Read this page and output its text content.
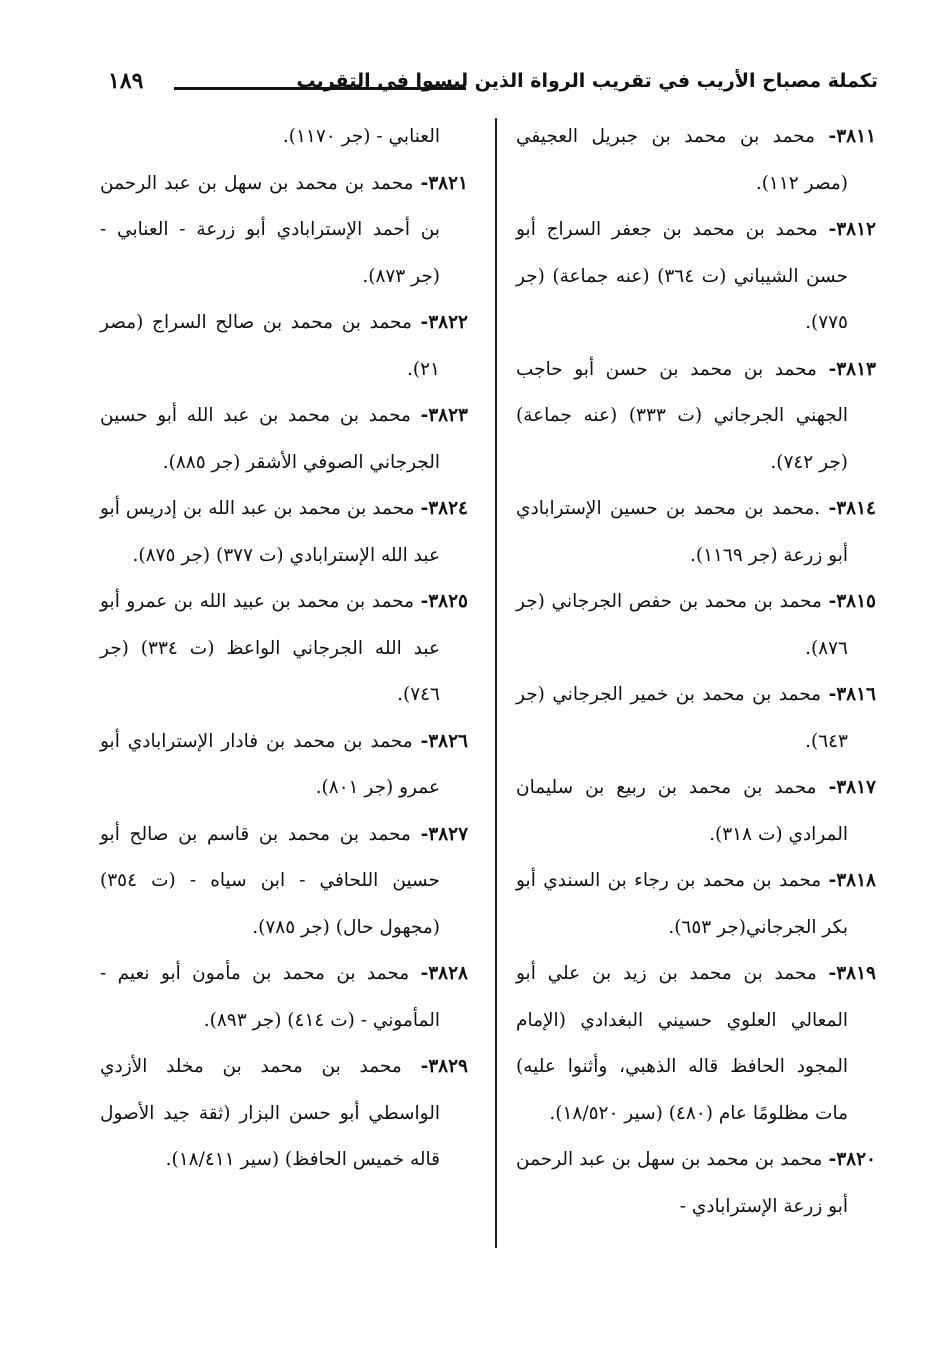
تكملة مصباح الأريب في تقريب الرواة الذين ليسوا في التقريب
١٨٩

٣٨١١- محمد بن محمد بن جبريل العجيفي (مصر ١١٢).

٣٨١٢- محمد بن محمد بن جعفر السراج أبو حسن الشيباني (ت ٣٦٤) (عنه جماعة) (جر ٧٧٥).

٣٨١٣- محمد بن محمد بن حسن أبو حاجب الجهني الجرجاني (ت ٣٣٣) (عنه جماعة) (جر ٧٤٢).

٣٨١٤- .محمد بن محمد بن حسين الإسترابادي أبو زرعة (جر ١١٦٩).

٣٨١٥- محمد بن محمد بن حفص الجرجاني (جر ٨٧٦).

٣٨١٦- محمد بن محمد بن خمير الجرجاني (جر ٦٤٣).

٣٨١٧- محمد بن محمد بن ربيع بن سليمان المرادي (ت ٣١٨).

٣٨١٨- محمد بن محمد بن رجاء بن السندي أبو بكر الجرجاني(جر ٦٥٣).

٣٨١٩- محمد بن محمد بن زيد بن علي أبو المعالي العلوي حسيني البغدادي (الإمام المجود الحافظ قاله الذهبي، وأثنوا عليه) مات مظلومًا عام (٤٨٠) (سير ١٨/٥٢٠).

٣٨٢٠- محمد بن محمد بن سهل بن عبد الرحمن أبو زرعة الإسترابادي -

العنابي - (جر ١١٧٠).

٣٨٢١- محمد بن محمد بن سهل بن عبد الرحمن بن أحمد الإسترابادي أبو زرعة - العنابي - (جر ٨٧٣).

٣٨٢٢- محمد بن محمد بن صالح السراج (مصر ٢١).

٣٨٢٣- محمد بن محمد بن عبد الله أبو حسين الجرجاني الصوفي الأشقر (جر ٨٨٥).

٣٨٢٤- محمد بن محمد بن عبد الله بن إدريس أبو عبد الله الإسترابادي (ت ٣٧٧) (جر ٨٧٥).

٣٨٢٥- محمد بن محمد بن عبيد الله بن عمرو أبو عبد الله الجرجاني الواعظ (ت ٣٣٤) (جر ٧٤٦).

٣٨٢٦- محمد بن محمد بن فادار الإسترابادي أبو عمرو (جر ٨٠١).

٣٨٢٧- محمد بن محمد بن قاسم بن صالح أبو حسين اللحافي - ابن سياه - (ت ٣٥٤) (مجهول حال) (جر ٧٨٥).

٣٨٢٨- محمد بن محمد بن مأمون أبو نعيم - المأموني - (ت ٤١٤) (جر ٨٩٣).

٣٨٢٩- محمد بن محمد بن مخلد الأزدي الواسطي أبو حسن البزار (ثقة جيد الأصول قاله خميس الحافظ) (سير ١٨/٤١١).
